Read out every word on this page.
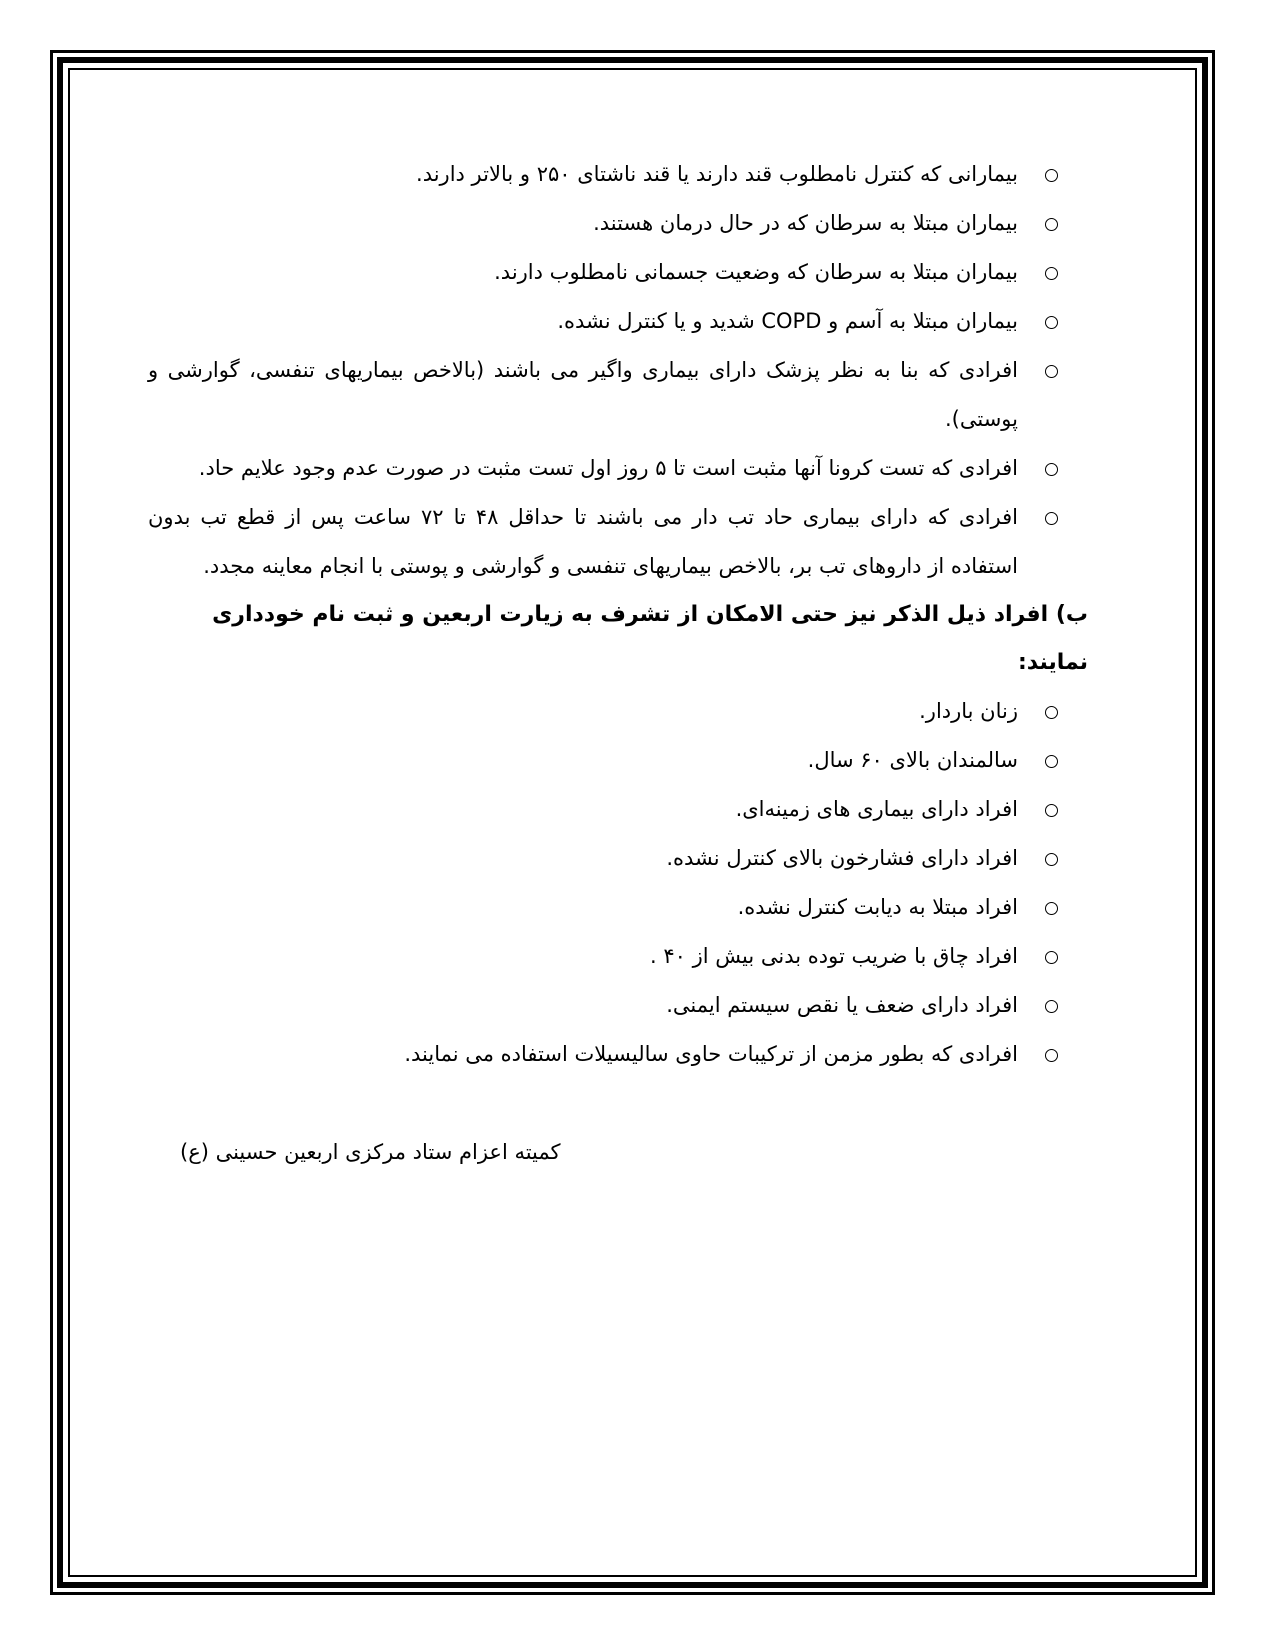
بیمارانی که کنترل نامطلوب قند دارند یا قند ناشتای ۲۵۰ و بالاتر دارند.
بیماران مبتلا به سرطان که در حال درمان هستند.
بیماران مبتلا به سرطان که وضعیت جسمانی نامطلوب دارند.
بیماران مبتلا به آسم و COPD شدید و یا کنترل نشده.
افرادی که بنا به نظر پزشک دارای بیماری واگیر می باشند (بالاخص بیماریهای تنفسی، گوارشی و پوستی).
افرادی که تست کرونا آنها مثبت است تا ۵ روز اول تست مثبت در صورت عدم وجود علایم حاد.
افرادی که دارای بیماری حاد تب دار می باشند تا حداقل ۴۸ تا ۷۲ ساعت پس از قطع تب بدون استفاده از داروهای تب بر، بالاخص بیماریهای تنفسی و گوارشی و پوستی با انجام معاینه مجدد.

ب) افراد ذیل الذکر نیز حتی الامکان از تشرف به زیارت اربعین و ثبت نام خودداری نمایند:

زنان باردار.
سالمندان بالای ۶۰ سال.
افراد دارای بیماری های زمینه‌ای.
افراد دارای فشارخون بالای کنترل نشده.
افراد مبتلا به دیابت کنترل نشده.
افراد چاق با ضریب توده بدنی بیش از ۴۰ .
افراد دارای ضعف یا نقص سیستم ایمنی.
افرادی که بطور مزمن از ترکیبات حاوی سالیسیلات استفاده می نمایند.
کمیته اعزام ستاد مرکزی اربعین حسینی (ع)
